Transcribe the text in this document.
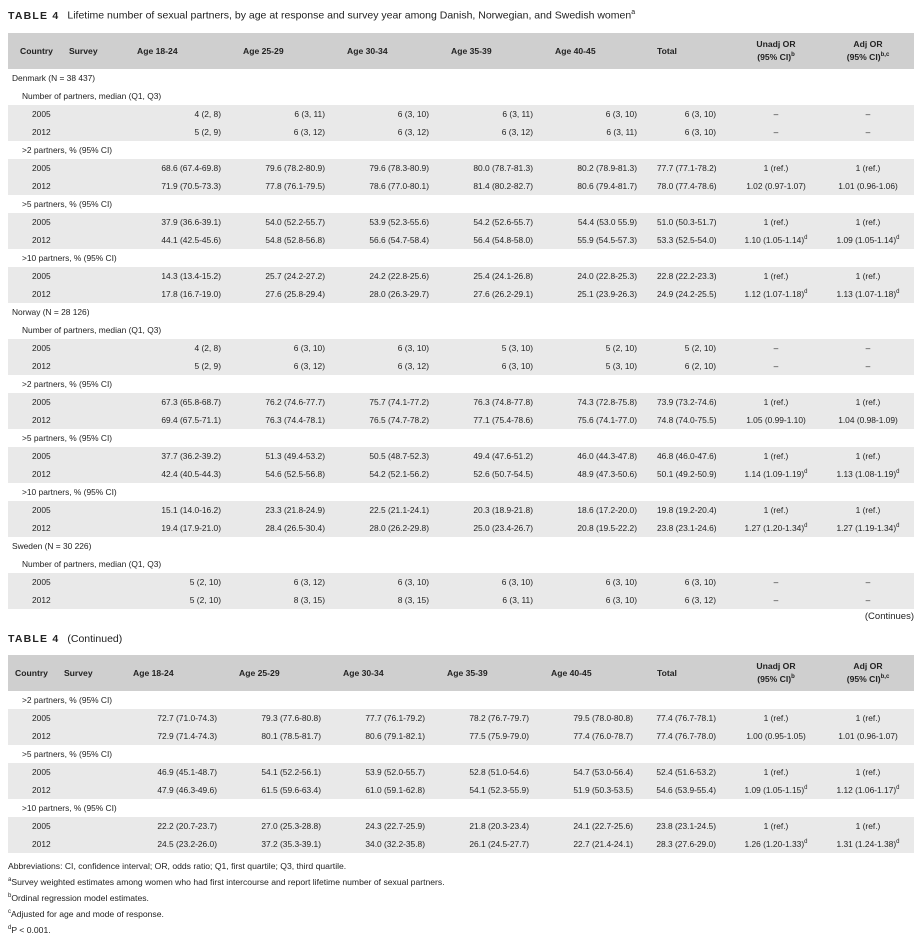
TABLE 4 Lifetime number of sexual partners, by age at response and survey year among Danish, Norwegian, and Swedish women$^a$
Country Survey	Age 18-24	Age 25-29	Age 30-34	Age 35-39	Age 40-45	Total	Unadj OR
(95% CI)$^b$	Adj OR
(95% CI)$^{b,c}$
Denmark (N = 38 437)								
Number of partners, median (Q1, Q3)								
2005	4 (2, 8)	6 (3, 11)	6 (3, 10)	6 (3, 11)	6 (3, 10)	6 (3, 10)	–	–
2012	5 (2, 9)	6 (3, 12)	6 (3, 12)	6 (3, 12)	6 (3, 11)	6 (3, 10)	–	–
>2 partners, % (95% CI)								
2005	68.6 (67.4-69.8)	79.6 (78.2-80.9)	79.6 (78.3-80.9)	80.0 (78.7-81.3)	80.2 (78.9-81.3)	77.7 (77.1-78.2)	1 (ref.)	1 (ref.)
2012	71.9 (70.5-73.3)	77.8 (76.1-79.5)	78.6 (77.0-80.1)	81.4 (80.2-82.7)	80.6 (79.4-81.7)	78.0 (77.4-78.6)	1.02 (0.97-1.07)	1.01 (0.96-1.06)
>5 partners, % (95% CI)								
2005	37.9 (36.6-39.1)	54.0 (52.2-55.7)	53.9 (52.3-55.6)	54.2 (52.6-55.7)	54.4 (53.0 55.9)	51.0 (50.3-51.7)	1 (ref.)	1 (ref.)
2012	44.1 (42.5-45.6)	54.8 (52.8-56.8)	56.6 (54.7-58.4)	56.4 (54.8-58.0)	55.9 (54.5-57.3)	53.3 (52.5-54.0)	1.10 $(1.05-1.14)^d$	1.09 $(1.05-1.14)^d$
>10 partners, % (95% CI)								
2005	14.3 (13.4-15.2)	25.7 (24.2-27.2)	24.2 (22.8-25.6)	25.4 (24.1-26.8)	24.0 (22.8-25.3)	22.8 (22.2-23.3)	1 (ref.)	1 (ref.)
2012	17.8 (16.7-19.0)	27.6 (25.8-29.4)	28.0 (26.3-29.7)	27.6 (26.2-29.1)	25.1 (23.9-26.3)	24.9 (24.2-25.5)	1.12 $(1.07-1.18)^d$	1.13 $(1.07-1.18)^d$
Norway (N = 28 126)								
Number of partners, median (Q1, Q3)								
2005	4 (2, 8)	6 (3, 10)	6 (3, 10)	5 (3, 10)	5 (2, 10)	5 (2, 10)	–	–
2012	5 (2, 9)	6 (3, 12)	6 (3, 12)	6 (3, 10)	5 (3, 10)	6 (2, 10)	–	–
>2 partners, % (95% CI)								
2005	67.3 (65.8-68.7)	76.2 (74.6-77.7)	75.7 (74.1-77.2)	76.3 (74.8-77.8)	74.3 (72.8-75.8)	73.9 (73.2-74.6)	1 (ref.)	1 (ref.)
2012	69.4 (67.5-71.1)	76.3 (74.4-78.1)	76.5 (74.7-78.2)	77.1 (75.4-78.6)	75.6 (74.1-77.0)	74.8 (74.0-75.5)	1.05 (0.99-1.10)	1.04 (0.98-1.09)
>5 partners, % (95% CI)								
2005	37.7 (36.2-39.2)	51.3 (49.4-53.2)	50.5 (48.7-52.3)	49.4 (47.6-51.2)	46.0 (44.3-47.8)	46.8 (46.0-47.6)	1 (ref.)	1 (ref.)
2012	42.4 (40.5-44.3)	54.6 (52.5-56.8)	54.2 (52.1-56.2)	52.6 (50.7-54.5)	48.9 (47.3-50.6)	50.1 (49.2-50.9)	1.14 $(1.09-1.19)^d$	1.13 $(1.08-1.19)^d$
>10 partners, % (95% CI)								
2005	15.1 (14.0-16.2)	23.3 (21.8-24.9)	22.5 (21.1-24.1)	20.3 (18.9-21.8)	18.6 (17.2-20.0)	19.8 (19.2-20.4)	1 (ref.)	1 (ref.)
2012	19.4 (17.9-21.0)	28.4 (26.5-30.4)	28.0 (26.2-29.8)	25.0 (23.4-26.7)	20.8 (19.5-22.2)	23.8 (23.1-24.6)	1.27 $(1.20-1.34)^d$	1.27 $(1.19-1.34)^d$
Sweden (N = 30 226)								
Number of partners, median (Q1, Q3)								
2005	5 (2, 10)	6 (3, 12)	6 (3, 10)	6 (3, 10)	6 (3, 10)	6 (3, 10)	–	–
2012	5 (2, 10)	8 (3, 15)	8 (3, 15)	6 (3, 11)	6 (3, 10)	6 (3, 12)	–	–
(Continues)
TABLE 4 (Continued)
Country Survey	Age 18-24	Age 25-29	Age 30-34	Age 35-39	Age 40-45	Total	Unadj OR
(95% CI)$^b$	Adj OR
(95% CI)$^{b,c}$
>2 partners, % (95% CI)								
2005	72.7 (71.0-74.3)	79.3 (77.6-80.8)	77.7 (76.1-79.2)	78.2 (76.7-79.7)	79.5 (78.0-80.8)	77.4 (76.7-78.1)	1 (ref.)	1 (ref.)
2012	72.9 (71.4-74.3)	80.1 (78.5-81.7)	80.6 (79.1-82.1)	77.5 (75.9-79.0)	77.4 (76.0-78.7)	77.4 (76.7-78.0)	1.00 (0.95-1.05)	1.01 (0.96-1.07)
>5 partners, % (95% CI)								
2005	46.9 (45.1-48.7)	54.1 (52.2-56.1)	53.9 (52.0-55.7)	52.8 (51.0-54.6)	54.7 (53.0-56.4)	52.4 (51.6-53.2)	1 (ref.)	1 (ref.)
2012	47.9 (46.3-49.6)	61.5 (59.6-63.4)	61.0 (59.1-62.8)	54.1 (52.3-55.9)	51.9 (50.3-53.5)	54.6 (53.9-55.4)	1.09 $(1.05-1.15)^d$	1.12 $(1.06-1.17)^d$
>10 partners, % (95% CI)								
2005	22.2 (20.7-23.7)	27.0 (25.3-28.8)	24.3 (22.7-25.9)	21.8 (20.3-23.4)	24.1 (22.7-25.6)	23.8 (23.1-24.5)	1 (ref.)	1 (ref.)
2012	24.5 (23.2-26.0)	37.2 (35.3-39.1)	34.0 (32.2-35.8)	26.1 (24.5-27.7)	22.7 (21.4-24.1)	28.3 (27.6-29.0)	1.26 $(1.20-1.33)^d$	1.31 $(1.24-1.38)^d$
Abbreviations: CI, confidence interval; OR, odds ratio; Q1, first quartile; Q3, third quartile.
$^a$Survey weighted estimates among women who had first intercourse and report lifetime number of sexual partners.
$^b$Ordinal regression model estimates.
$^c$Adjusted for age and mode of response.
$^d$P < 0.001.
